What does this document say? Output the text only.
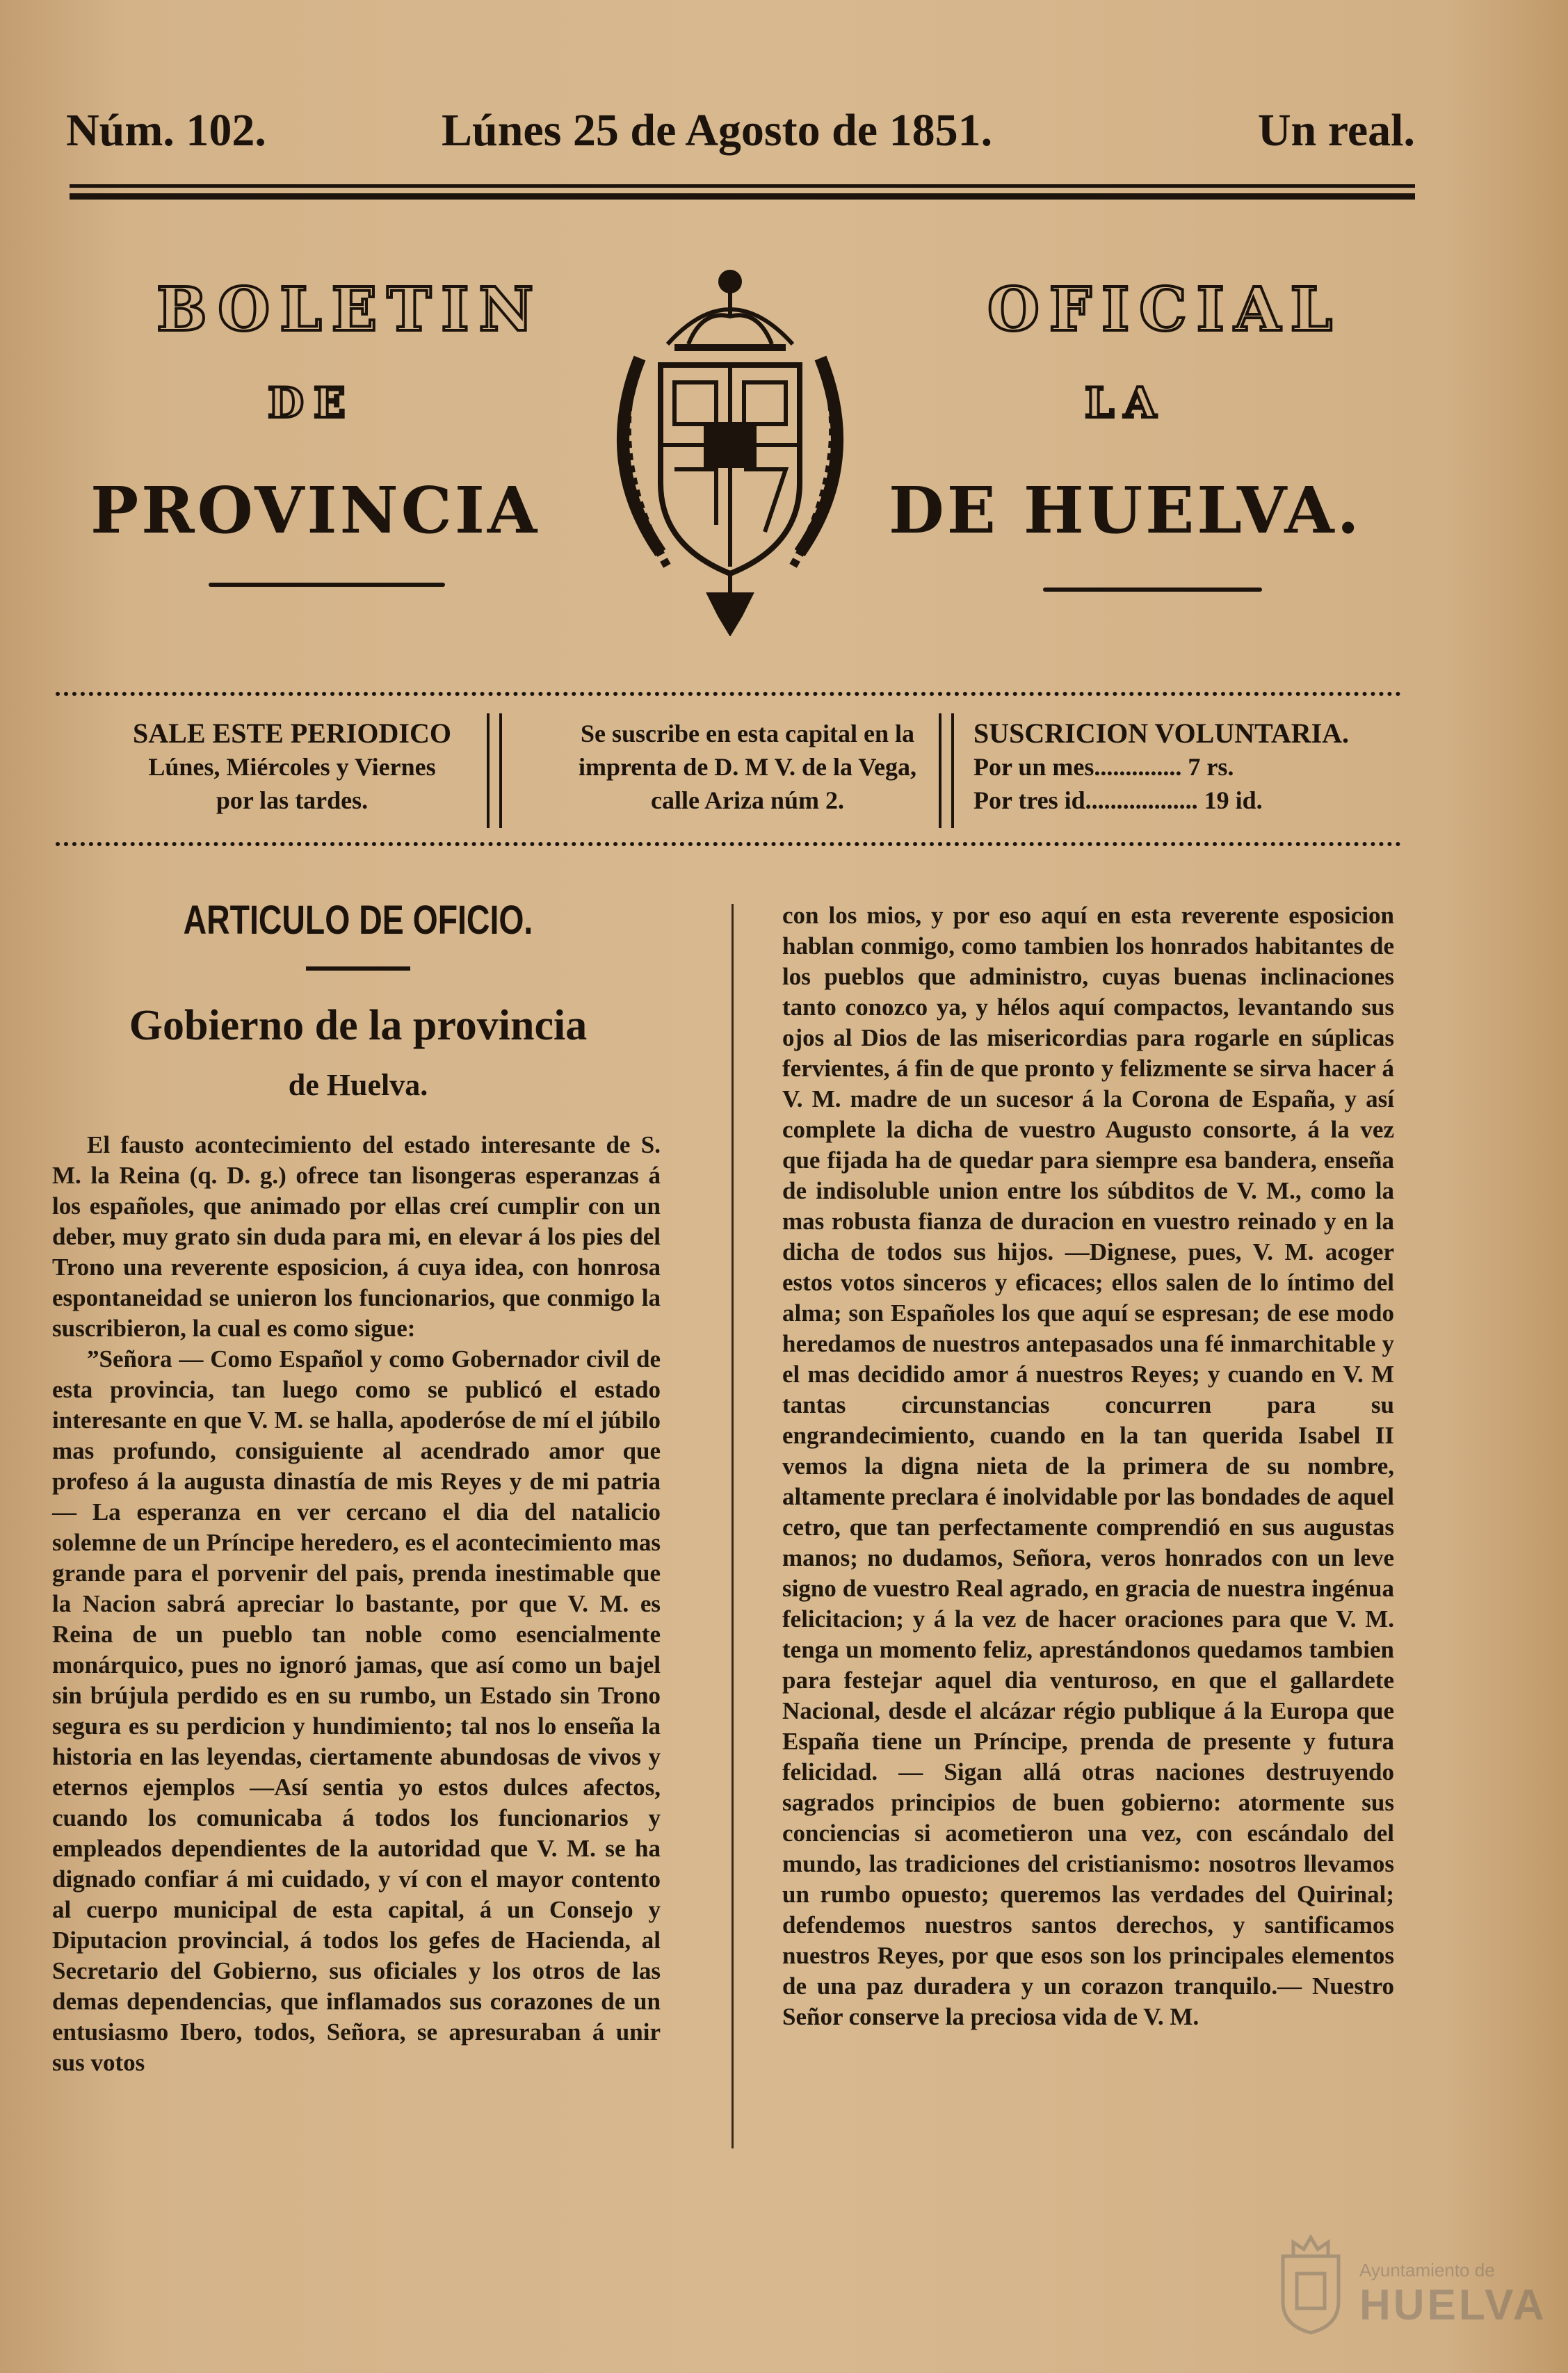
Núm. 102.	Lúnes 25 de Agosto de 1851.	Un real.
BOLETIN	OFICIAL
DE	LA
PROVINCIA	DE HUELVA.
SALE ESTE PERIODICO
Lúnes, Miércoles y Viernes
por las tardes.
Se suscribe en esta capital en la
imprenta de D. M V. de la Vega,
calle Ariza núm 2.
SUSCRICION VOLUNTARIA.
Por un mes.............. 7 rs.
Por tres id.................. 19 id.
ARTICULO DE OFICIO.
Gobierno de la provincia
de Huelva.

El fausto acontecimiento del estado interesante de S. M. la Reina (q. D. g.) ofrece tan lisongeras esperanzas á los españoles, que animado por ellas creí cumplir con un deber, muy grato sin duda para mi, en elevar á los pies del Trono una reverente esposicion, á cuya idea, con honrosa espontaneidad se unieron los funcionarios, que conmigo la suscribieron, la cual es como sigue:

”Señora — Como Español y como Gobernador civil de esta provincia, tan luego como se publicó el estado interesante en que V. M. se halla, apoderóse de mí el júbilo mas profundo, consiguiente al acendrado amor que profeso á la augusta dinastía de mis Reyes y de mi patria — La esperanza en ver cercano el dia del natalicio solemne de un Príncipe heredero, es el acontecimiento mas grande para el porvenir del pais, prenda inestimable que la Nacion sabrá apreciar lo bastante, por que V. M. es Reina de un pueblo tan noble como esencialmente monárquico, pues no ignoró jamas, que así como un bajel sin brújula perdido es en su rumbo, un Estado sin Trono segura es su perdicion y hundimiento; tal nos lo enseña la historia en las leyendas, ciertamente abundosas de vivos y eternos ejemplos —Así sentia yo estos dulces afectos, cuando los comunicaba á todos los funcionarios y empleados dependientes de la autoridad que V. M. se ha dignado confiar á mi cuidado, y ví con el mayor contento al cuerpo municipal de esta capital, á un Consejo y Diputacion provincial, á todos los gefes de Hacienda, al Secretario del Gobierno, sus oficiales y los otros de las demas dependencias, que inflamados sus corazones de un entusiasmo Ibero, todos, Señora, se apresuraban á unir sus votos

con los mios, y por eso aquí en esta reverente esposicion hablan conmigo, como tambien los honrados habitantes de los pueblos que administro, cuyas buenas inclinaciones tanto conozco ya, y hélos aquí compactos, levantando sus ojos al Dios de las misericordias para rogarle en súplicas fervientes, á fin de que pronto y felizmente se sirva hacer á V. M. madre de un sucesor á la Corona de España, y así complete la dicha de vuestro Augusto consorte, á la vez que fijada ha de quedar para siempre esa bandera, enseña de indisoluble union entre los súbditos de V. M., como la mas robusta fianza de duracion en vuestro reinado y en la dicha de todos sus hijos. —Dignese, pues, V. M. acoger estos votos sinceros y eficaces; ellos salen de lo íntimo del alma; son Españoles los que aquí se espresan; de ese modo heredamos de nuestros antepasados una fé inmarchitable y el mas decidido amor á nuestros Reyes; y cuando en V. M tantas circunstancias concurren para su engrandecimiento, cuando en la tan querida Isabel II vemos la digna nieta de la primera de su nombre, altamente preclara é inolvidable por las bondades de aquel cetro, que tan perfectamente comprendió en sus augustas manos; no dudamos, Señora, veros honrados con un leve signo de vuestro Real agrado, en gracia de nuestra ingénua felicitacion; y á la vez de hacer oraciones para que V. M. tenga un momento feliz, aprestándonos quedamos tambien para festejar aquel dia venturoso, en que el gallardete Nacional, desde el alcázar régio publique á la Europa que España tiene un Príncipe, prenda de presente y futura felicidad. — Sigan allá otras naciones destruyendo sagrados principios de buen gobierno: atormente sus conciencias si acometieron una vez, con escándalo del mundo, las tradiciones del cristianismo: nosotros llevamos un rumbo opuesto; queremos las verdades del Quirinal; defendemos nuestros santos derechos, y santificamos nuestros Reyes, por que esos son los principales elementos de una paz duradera y un corazon tranquilo.— Nuestro Señor conserve la preciosa vida de V. M.

Ayuntamiento de
HUELVA
